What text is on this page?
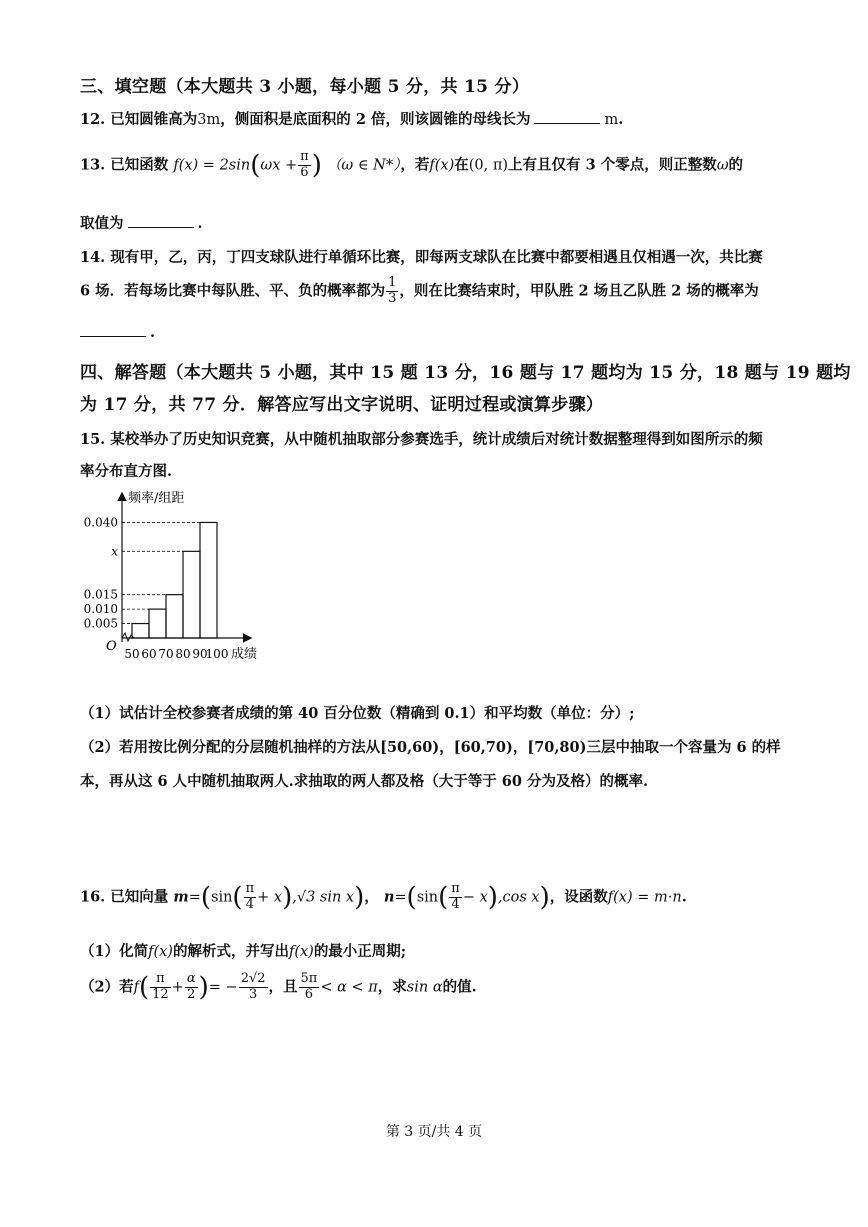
三、填空题（本大题共 3 小题，每小题 5 分，共 15 分）
12. 已知圆锥高为3m，侧面积是底面积的 2 倍，则该圆锥的母线长为	m.
13. 已知函数 $f(x) = 2\sin(\omega x + \frac{\pi}{6}$ ) （ω ∈ N*），若f(x)在(0, π)上有且仅有 3 个零点，则正整数ω的
取值为	.
14. 现有甲，乙，丙，丁四支球队进行单循环比赛，即每两支球队在比赛中都要相遇且仅相遇一次，共比赛
6 场．若每场比赛中每队胜、平、负的概率都为 $\frac{1}{3}$ ，则在比赛结束时，甲队胜 2 场且乙队胜 2 场的概率为
.
四、解答题（本大题共 5 小题，其中 15 题 13 分，16 题与 17 题均为 15 分，18 题与 19 题均
为 17 分，共 77 分．解答应写出文字说明、证明过程或演算步骤）
15. 某校举办了历史知识竞赛，从中随机抽取部分参赛选手，统计成绩后对统计数据整理得到如图所示的频
率分布直方图.
频率/组距
成绩
O
0.005
0.010
0.015
x
0.040
50 60 70 80 90
100
（1）试估计全校参赛者成绩的第 40 百分位数（精确到 0.1）和平均数（单位：分）;
（2）若用按比例分配的分层随机抽样的方法从[50,60)，[60,70)，[70,80)三层中抽取一个容量为 6 的样
本，再从这 6 人中随机抽取两人.求抽取的两人都及格（大于等于 60 分为及格）的概率.
16. 已知向量 $m=(\sin( \frac{\pi}{4} + x),√3$ sin x)， $n=(\sin( \frac{\pi}{4} - x),\cos$ x)，设函数f(x) = m·n.
（1）化简f(x)的解析式，并写出f(x)的最小正周期;
（2）若$f( \frac{\pi}{12} + \frac{\alpha}{2}$ )= − $\frac{2√2}{3}$ ，且 $\frac{5\pi}{6} < \alpha < \pi$，求sin α的值.
第 3 页/共 4 页
